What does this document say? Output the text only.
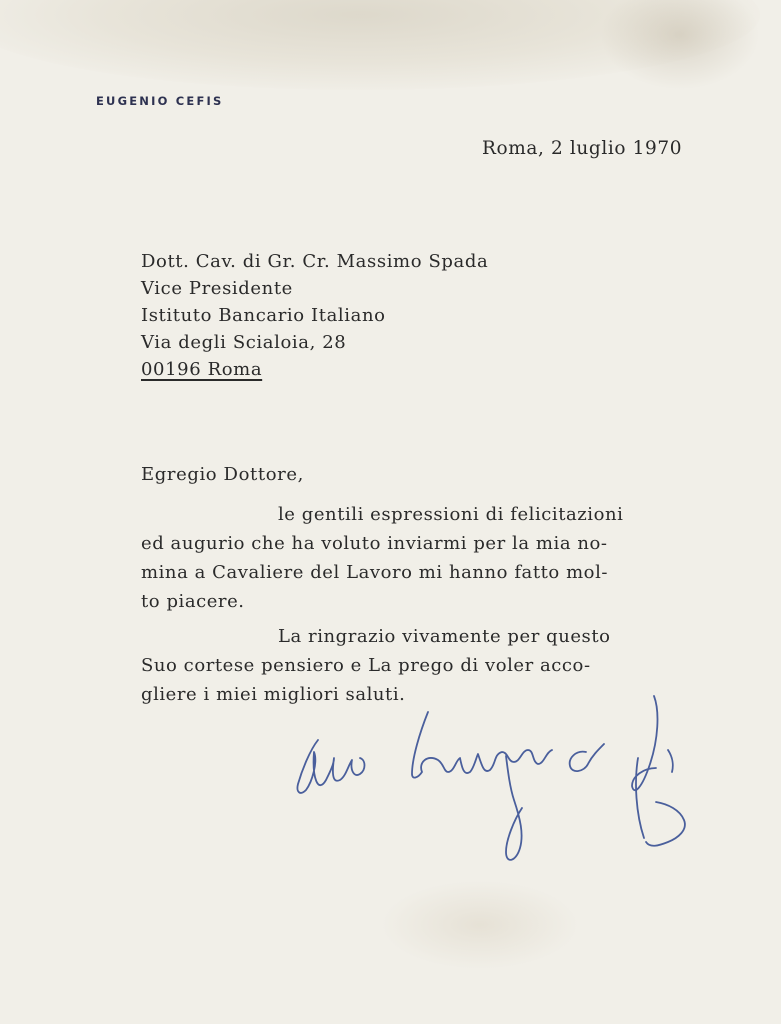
EUGENIO CEFIS
Roma, 2 luglio 1970
Dott. Cav. di Gr. Cr. Massimo Spada
Vice Presidente
Istituto Bancario Italiano
Via degli Scialoia, 28
00196 Roma
Egregio Dottore,
le gentili espressioni di felicitazioni
ed augurio che ha voluto inviarmi per la mia no-
mina a Cavaliere del Lavoro mi hanno fatto mol-
to piacere.
La ringrazio vivamente per questo
Suo cortese pensiero e La prego di voler acco-
gliere i miei migliori saluti.
